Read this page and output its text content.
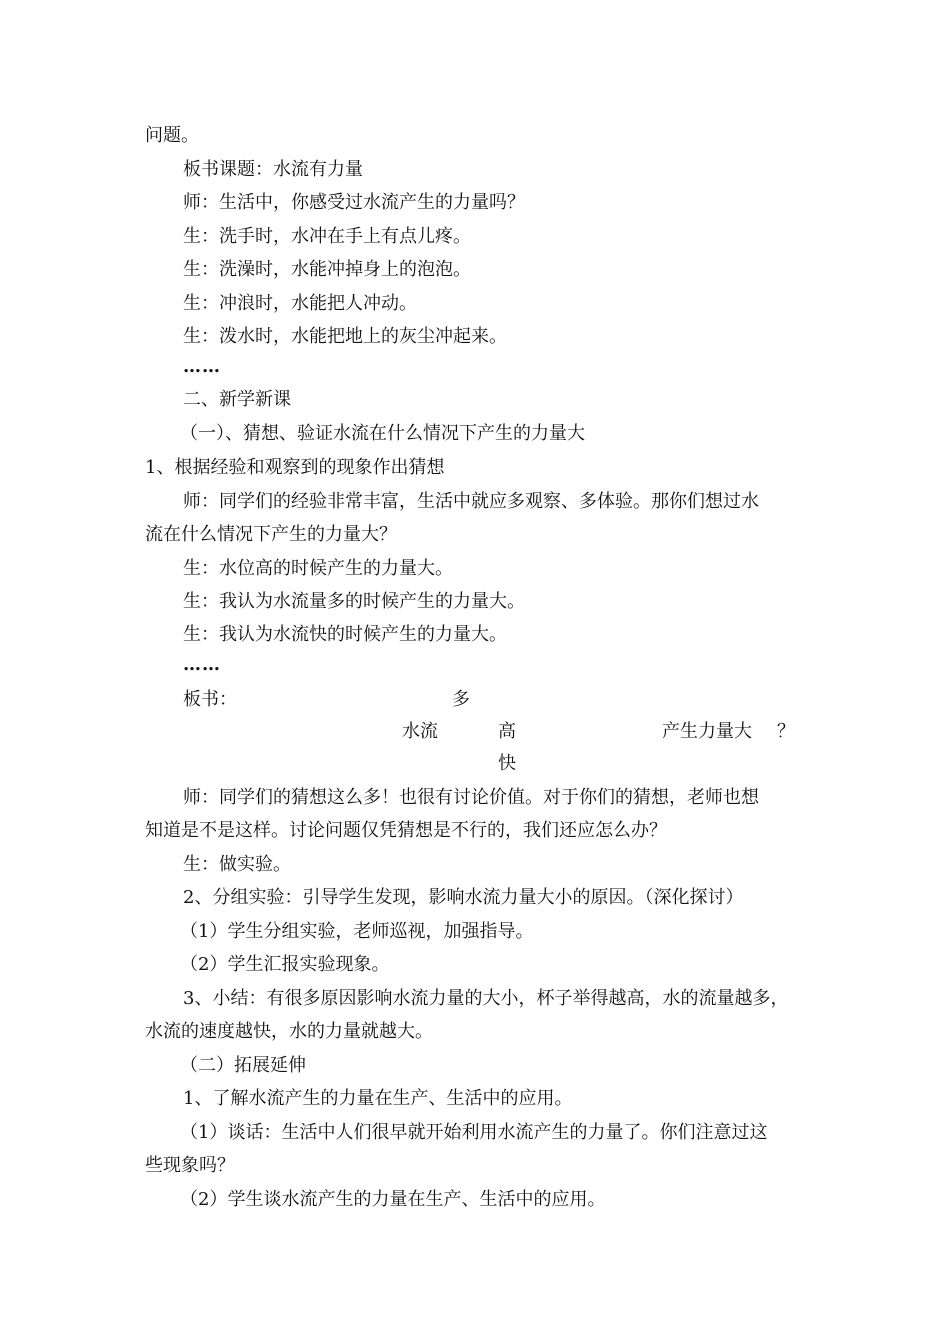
问题。
板书课题：水流有力量
师：生活中，你感受过水流产生的力量吗？
生：洗手时，水冲在手上有点儿疼。
生：洗澡时，水能冲掉身上的泡泡。
生：冲浪时，水能把人冲动。
生：泼水时，水能把地上的灰尘冲起来。
……
二、新学新课
（一）、猜想、验证水流在什么情况下产生的力量大
1、根据经验和观察到的现象作出猜想
师：同学们的经验非常丰富，生活中就应多观察、多体验。那你们想过水
流在什么情况下产生的力量大？
生：水位高的时候产生的力量大。
生：我认为水流量多的时候产生的力量大。
生：我认为水流快的时候产生的力量大。
……
板书：	多
水流	高	产生力量大 ？
快
师：同学们的猜想这么多！也很有讨论价值。对于你们的猜想，老师也想
知道是不是这样。讨论问题仅凭猜想是不行的，我们还应怎么办？
生：做实验。
2、分组实验：引导学生发现，影响水流力量大小的原因。（深化探讨）
（1）学生分组实验，老师巡视，加强指导。
（2）学生汇报实验现象。
3、小结：有很多原因影响水流力量的大小，杯子举得越高，水的流量越多，
水流的速度越快，水的力量就越大。
（二）拓展延伸
1、了解水流产生的力量在生产、生活中的应用。
（1）谈话：生活中人们很早就开始利用水流产生的力量了。你们注意过这
些现象吗？
（2）学生谈水流产生的力量在生产、生活中的应用。
